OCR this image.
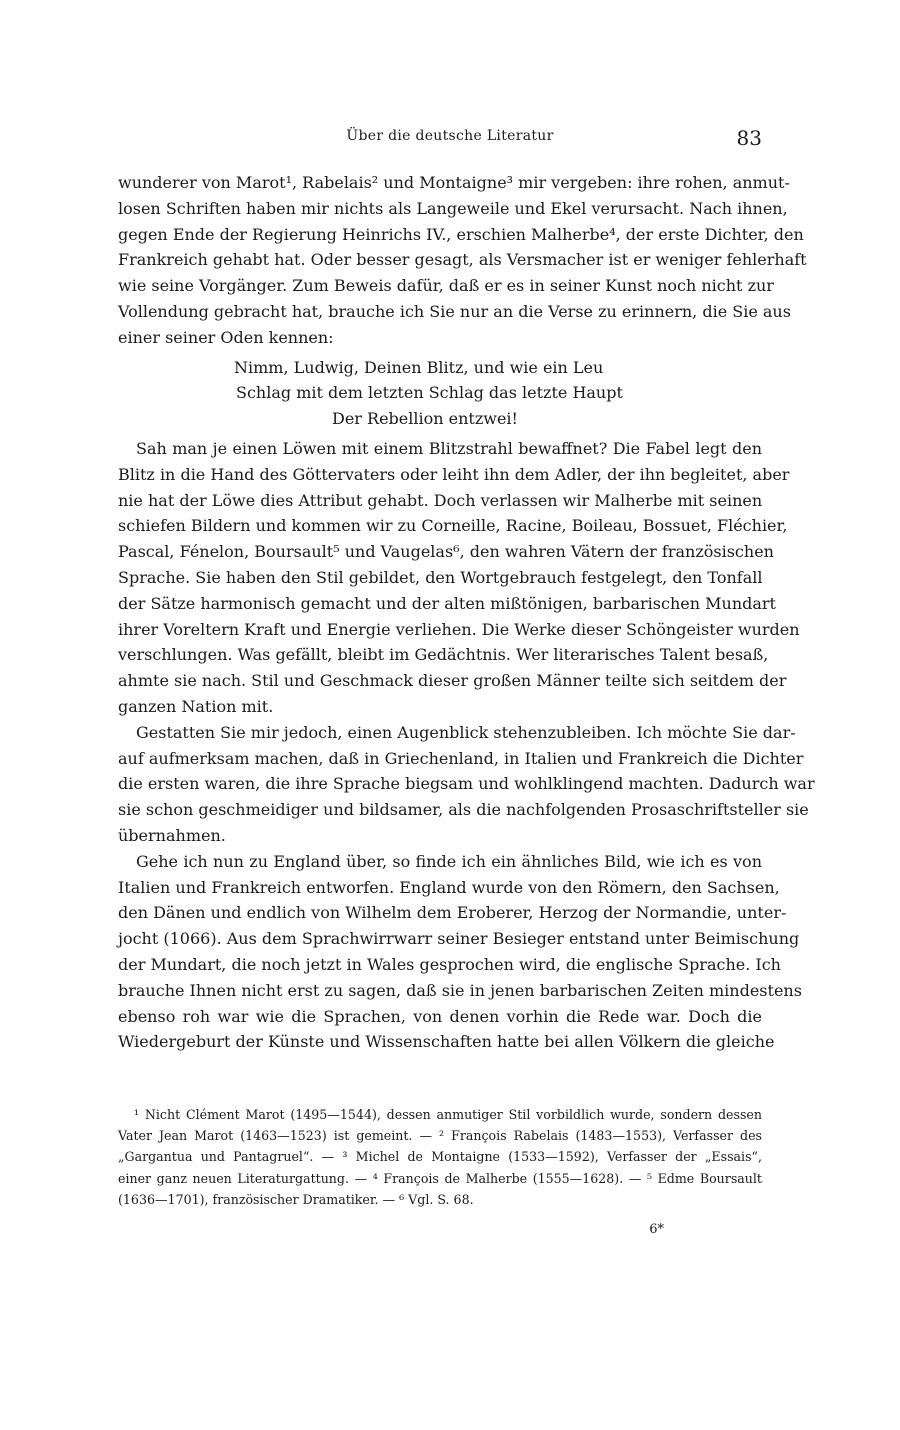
Über die deutsche Literatur	83
wunderer von Marot¹, Rabelais² und Montaigne³ mir vergeben: ihre rohen, anmut-
losen Schriften haben mir nichts als Langeweile und Ekel verursacht. Nach ihnen,
gegen Ende der Regierung Heinrichs IV., erschien Malherbe⁴, der erste Dichter, den
Frankreich gehabt hat. Oder besser gesagt, als Versmacher ist er weniger fehlerhaft
wie seine Vorgänger. Zum Beweis dafür, daß er es in seiner Kunst noch nicht zur
Vollendung gebracht hat, brauche ich Sie nur an die Verse zu erinnern, die Sie aus
einer seiner Oden kennen:
Nimm, Ludwig, Deinen Blitz, und wie ein Leu
Schlag mit dem letzten Schlag das letzte Haupt
Der Rebellion entzwei!
Sah man je einen Löwen mit einem Blitzstrahl bewaffnet? Die Fabel legt den
Blitz in die Hand des Göttervaters oder leiht ihn dem Adler, der ihn begleitet, aber
nie hat der Löwe dies Attribut gehabt. Doch verlassen wir Malherbe mit seinen
schiefen Bildern und kommen wir zu Corneille, Racine, Boileau, Bossuet, Fléchier,
Pascal, Fénelon, Boursault⁵ und Vaugelas⁶, den wahren Vätern der französischen
Sprache. Sie haben den Stil gebildet, den Wortgebrauch festgelegt, den Tonfall
der Sätze harmonisch gemacht und der alten mißtönigen, barbarischen Mundart
ihrer Voreltern Kraft und Energie verliehen. Die Werke dieser Schöngeister wurden
verschlungen. Was gefällt, bleibt im Gedächtnis. Wer literarisches Talent besaß,
ahmte sie nach. Stil und Geschmack dieser großen Männer teilte sich seitdem der
ganzen Nation mit.
Gestatten Sie mir jedoch, einen Augenblick stehenzubleiben. Ich möchte Sie dar-
auf aufmerksam machen, daß in Griechenland, in Italien und Frankreich die Dichter
die ersten waren, die ihre Sprache biegsam und wohlklingend machten. Dadurch war
sie schon geschmeidiger und bildsamer, als die nachfolgenden Prosaschriftsteller sie
übernahmen.
Gehe ich nun zu England über, so finde ich ein ähnliches Bild, wie ich es von
Italien und Frankreich entworfen. England wurde von den Römern, den Sachsen,
den Dänen und endlich von Wilhelm dem Eroberer, Herzog der Normandie, unter-
jocht (1066). Aus dem Sprachwirrwarr seiner Besieger entstand unter Beimischung
der Mundart, die noch jetzt in Wales gesprochen wird, die englische Sprache. Ich
brauche Ihnen nicht erst zu sagen, daß sie in jenen barbarischen Zeiten mindestens
ebenso roh war wie die Sprachen, von denen vorhin die Rede war. Doch die
Wiedergeburt der Künste und Wissenschaften hatte bei allen Völkern die gleiche
¹ Nicht Clément Marot (1495—1544), dessen anmutiger Stil vorbildlich wurde, sondern dessen
Vater Jean Marot (1463—1523) ist gemeint. — ² François Rabelais (1483—1553), Verfasser des
„Gargantua und Pantagruel“. — ³ Michel de Montaigne (1533—1592), Verfasser der „Essais“,
einer ganz neuen Literaturgattung. — ⁴ François de Malherbe (1555—1628). — ⁵ Edme Boursault
(1636—1701), französischer Dramatiker. — ⁶ Vgl. S. 68.
6*
